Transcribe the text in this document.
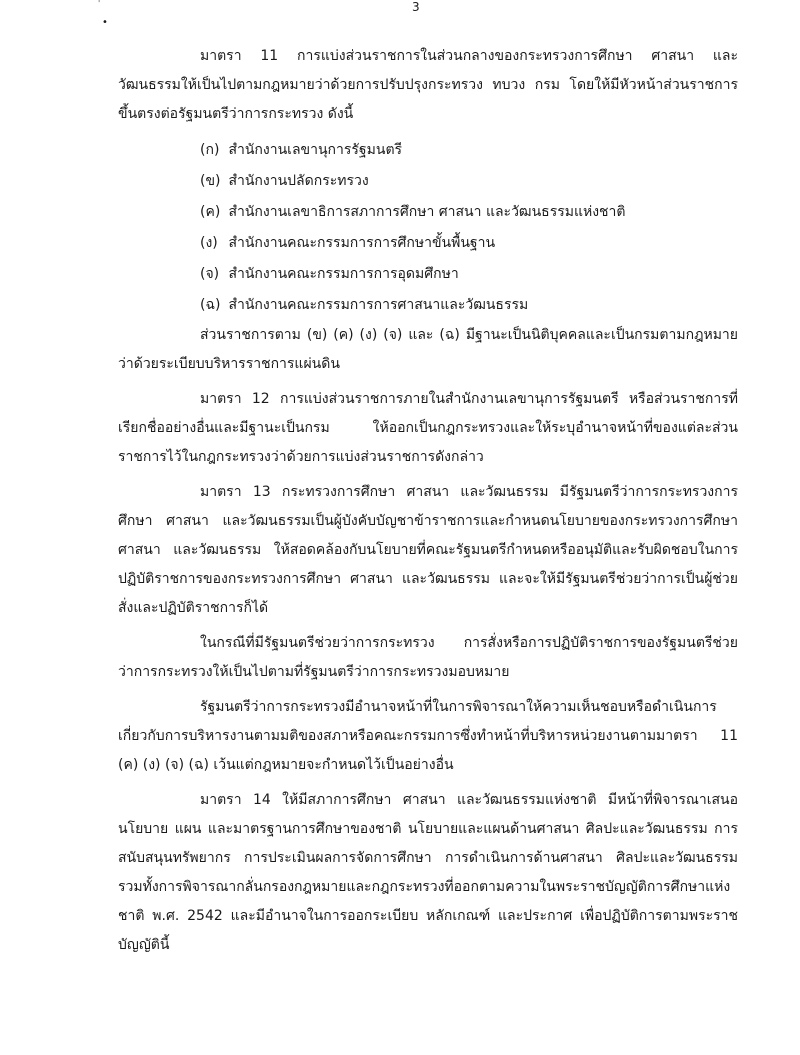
'	3
•

มาตรา 11 การแบ่งส่วนราชการในส่วนกลางของกระทรวงการศึกษา ศาสนา และวัฒนธรรมให้เป็นไปตามกฎหมายว่าด้วยการปรับปรุงกระทรวง ทบวง กรม โดยให้มีหัวหน้าส่วนราชการขึ้นตรงต่อรัฐมนตรีว่าการกระทรวง ดังนี้

(ก) สำนักงานเลขานุการรัฐมนตรี
(ข) สำนักงานปลัดกระทรวง
(ค) สำนักงานเลขาธิการสภาการศึกษา ศาสนา และวัฒนธรรมแห่งชาติ
(ง) สำนักงานคณะกรรมการการศึกษาขั้นพื้นฐาน
(จ) สำนักงานคณะกรรมการการอุดมศึกษา
(ฉ) สำนักงานคณะกรรมการการศาสนาและวัฒนธรรม

ส่วนราชการตาม (ข) (ค) (ง) (จ) และ (ฉ) มีฐานะเป็นนิติบุคคลและเป็นกรมตามกฎหมายว่าด้วยระเบียบบริหารราชการแผ่นดิน

มาตรา 12 การแบ่งส่วนราชการภายในสำนักงานเลขานุการรัฐมนตรี หรือส่วนราชการที่เรียกชื่ออย่างอื่นและมีฐานะเป็นกรม ให้ออกเป็นกฎกระทรวงและให้ระบุอำนาจหน้าที่ของแต่ละส่วนราชการไว้ในกฎกระทรวงว่าด้วยการแบ่งส่วนราชการดังกล่าว

มาตรา 13 กระทรวงการศึกษา ศาสนา และวัฒนธรรม มีรัฐมนตรีว่าการกระทรวงการศึกษา ศาสนา และวัฒนธรรมเป็นผู้บังคับบัญชาข้าราชการและกำหนดนโยบายของกระทรวงการศึกษา ศาสนา และวัฒนธรรม ให้สอดคล้องกับนโยบายที่คณะรัฐมนตรีกำหนดหรืออนุมัติและรับผิดชอบในการปฏิบัติราชการของกระทรวงการศึกษา ศาสนา และวัฒนธรรม และจะให้มีรัฐมนตรีช่วยว่าการเป็นผู้ช่วยสั่งและปฏิบัติราชการก็ได้

ในกรณีที่มีรัฐมนตรีช่วยว่าการกระทรวง การสั่งหรือการปฏิบัติราชการของรัฐมนตรีช่วยว่าการกระทรวงให้เป็นไปตามที่รัฐมนตรีว่าการกระทรวงมอบหมาย

รัฐมนตรีว่าการกระทรวงมีอำนาจหน้าที่ในการพิจารณาให้ความเห็นชอบหรือดำเนินการเกี่ยวกับการบริหารงานตามมติของสภาหรือคณะกรรมการซึ่งทำหน้าที่บริหารหน่วยงานตามมาตรา 11 (ค) (ง) (จ) (ฉ) เว้นแต่กฎหมายจะกำหนดไว้เป็นอย่างอื่น

มาตรา 14 ให้มีสภาการศึกษา ศาสนา และวัฒนธรรมแห่งชาติ มีหน้าที่พิจารณาเสนอนโยบาย แผน และมาตรฐานการศึกษาของชาติ นโยบายและแผนด้านศาสนา ศิลปะและวัฒนธรรม การสนับสนุนทรัพยากร การประเมินผลการจัดการศึกษา การดำเนินการด้านศาสนา ศิลปะและวัฒนธรรม รวมทั้งการพิจารณากลั่นกรองกฎหมายและกฎกระทรวงที่ออกตามความในพระราชบัญญัติการศึกษาแห่งชาติ พ.ศ. 2542 และมีอำนาจในการออกระเบียบ หลักเกณฑ์ และประกาศ เพื่อปฏิบัติการตามพระราชบัญญัตินี้
